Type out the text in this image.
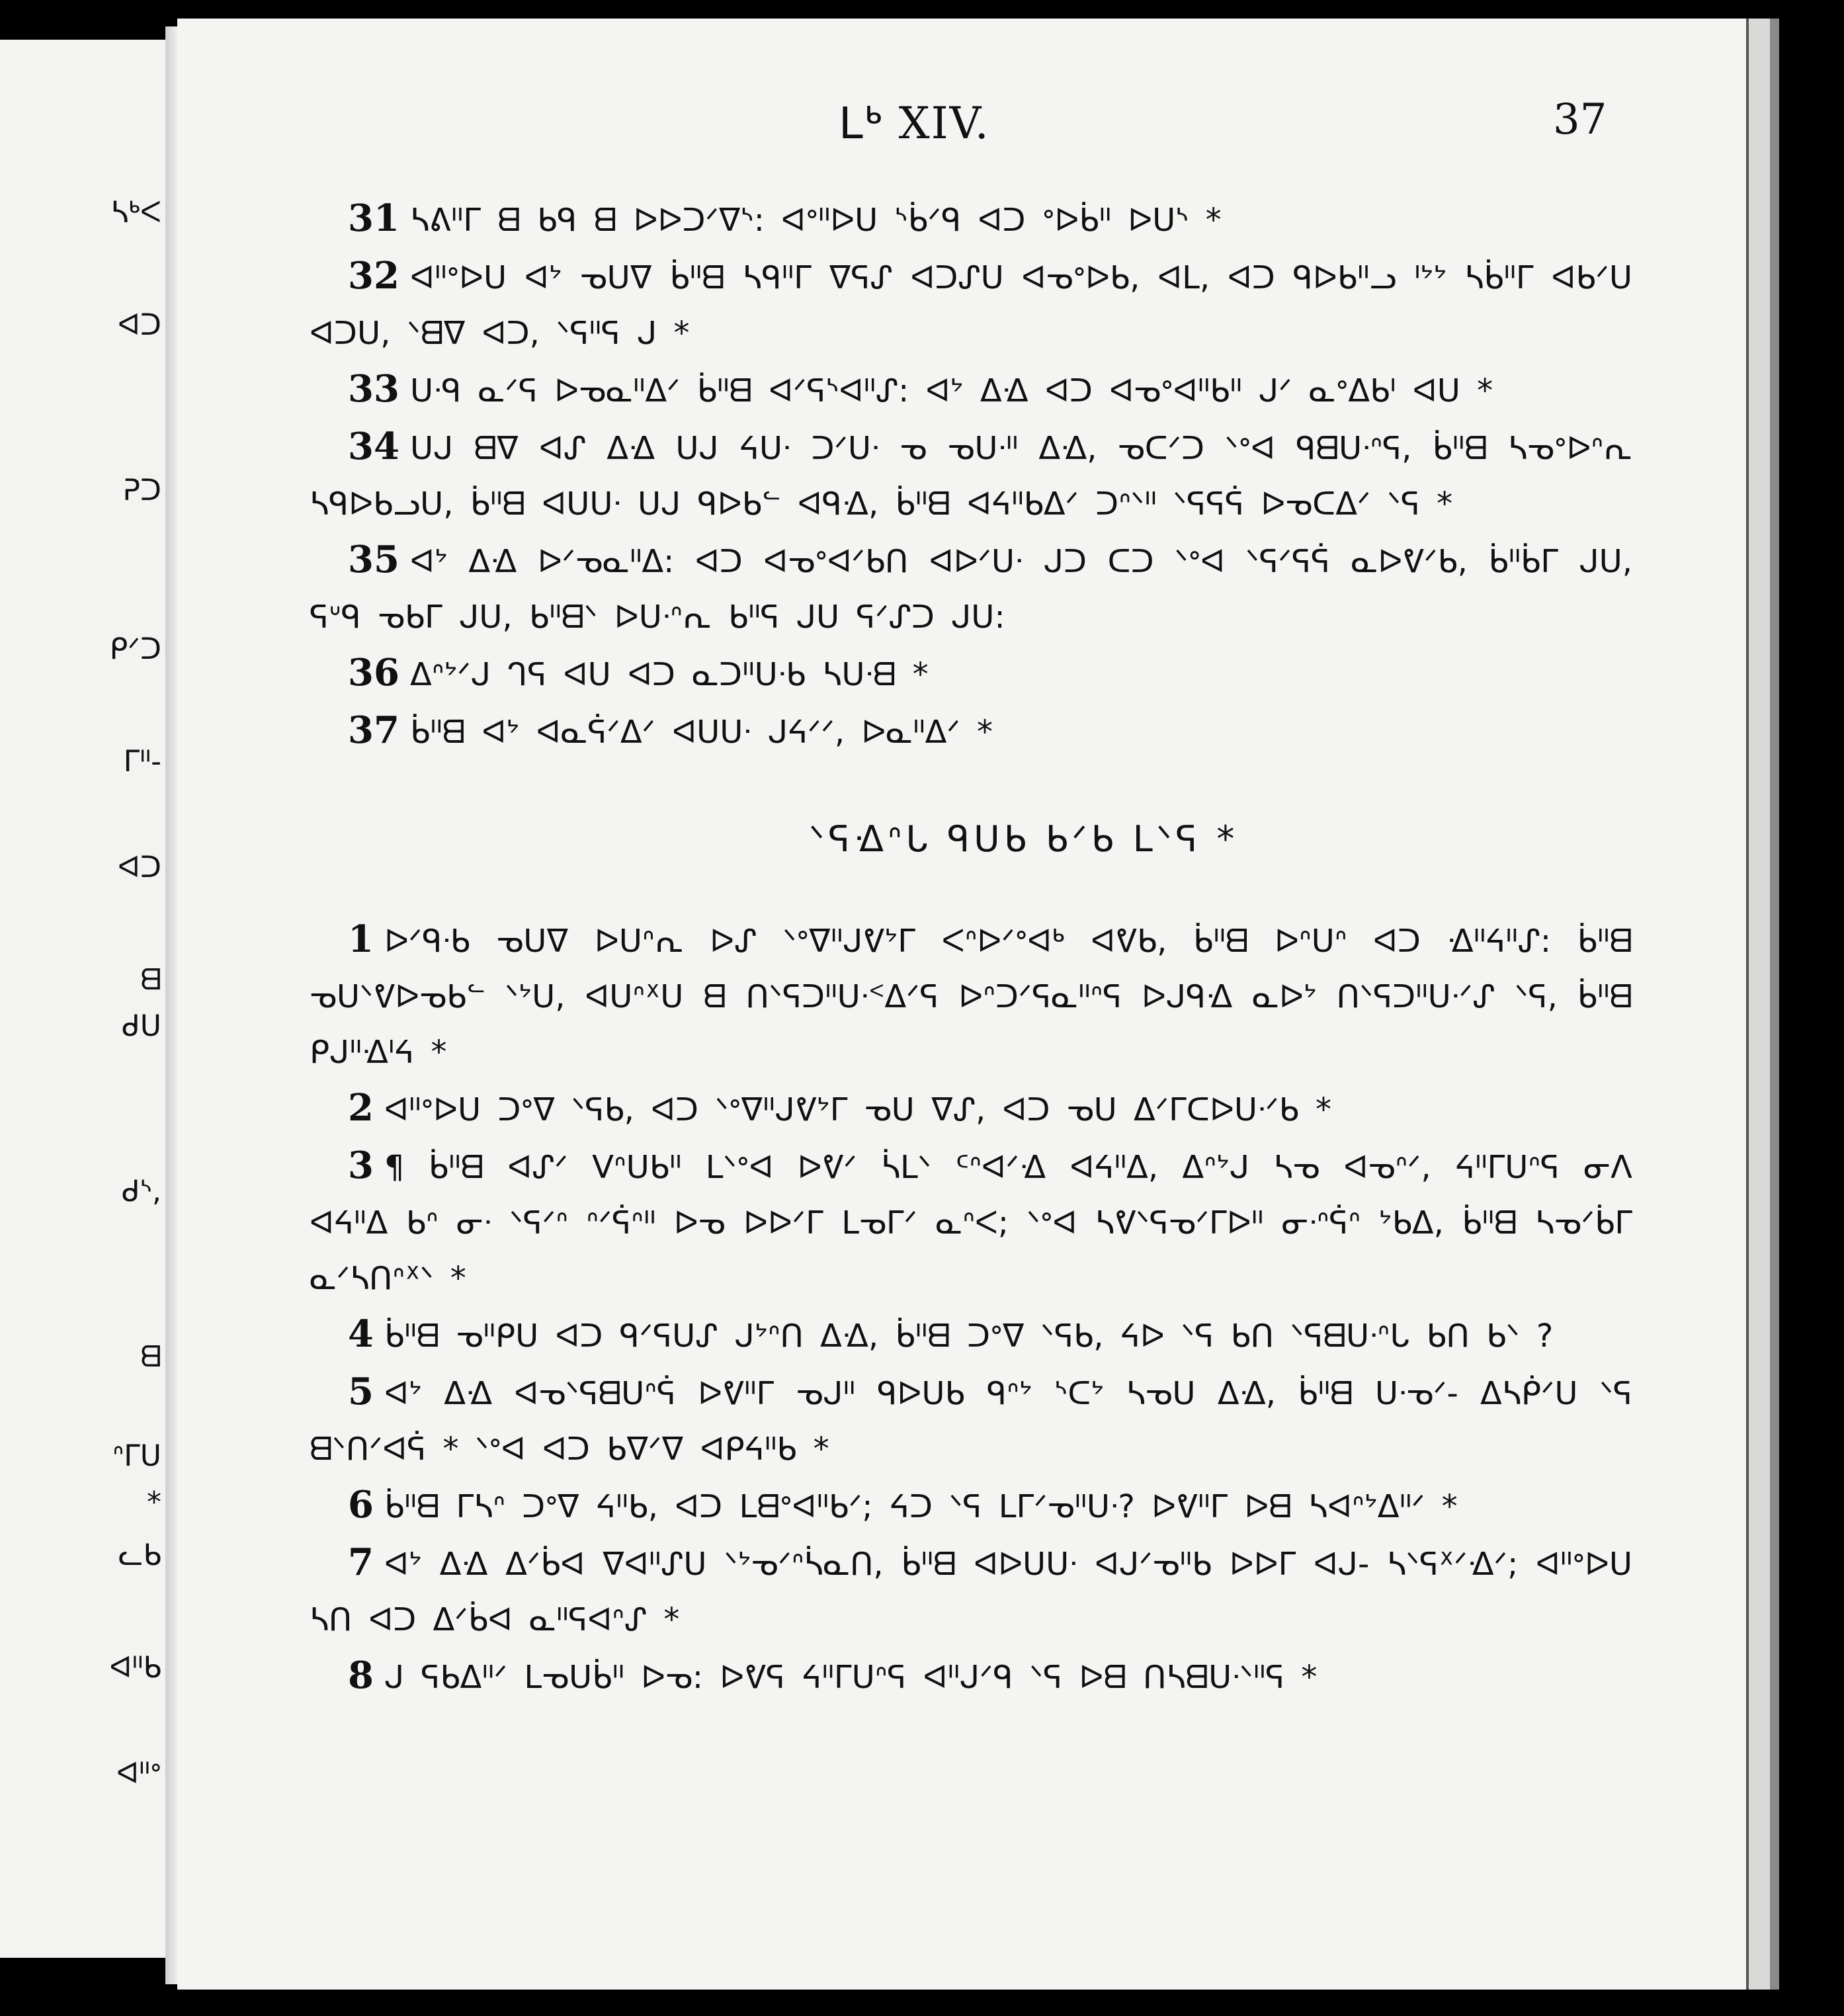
ᓴᒃᐸ
ᐊᑐ
ᕈᑐ
ᑭᐟᑐ
ᒥᐦ-
ᐊᑐ
ᗺ
ᑯᑌ
ᑯᔅ,
ᗺ
ᐢᒥᑌ
*
ᓚᑲ
ᐊᐦᑲ
ᐊᐦᐤ
ᒪᒃ XIV.	37

31 ᓴᕕᐦᒥ ᗺ ᑲᑫ ᗺ ᐅᐅᑐᐟᐁᔅ: ᐊᐤᐦᐅᑌ ᔅᑳᐟᑫ ᐊᑐ ᐤᐅᑳᐦ ᐅᑌᔅ *

32 ᐊᐦᐤᐅᑌ ᐊᔾ ᓀᑌᐁ ᑳᐦᗺ ᓴᑫᐦᒥ ᐁᕋᔑ ᐊᑐᔑᑌ ᐊᓀᐤᐅᑲ, ᐊᒪ, ᐊᑐ ᑫᐅᑲᐦᓗ ᑊᔾᔾ ᓴᑳᐦᒥ ᐊᑲᐟᑌ ᐊᑐᑌ, ᐠᗺᐁ ᐊᑐ, ᐠᕋᐦᕋ ᒍ *

33 ᑌᐧᑫ ᓇᐟᕋ ᐅᓀᓇᐦᐃᐟ ᑳᐦᗺ ᐊᐟᕋᔅᐊᐦᔑ: ᐊᔾ ᐃᐎ ᐊᑐ ᐊᓀᐤᐊᐦᑲᐦ ᒍᐟ ᓇᐤᐃᑲᑊ ᐊᑌ *

34 ᑌᒍ ᗺᐁ ᐊᔑ ᐃᐎ ᑌᒍ ᔦᑌᐧ ᑐᐟᑌᐧ ᓀ ᓀᑌᐧᐦ ᐃᐎ, ᓀᑕᐟᑐ ᐠᐤᐊ ᑫᗺᑌᐧᐢᕋ, ᑳᐦᗺ ᓴᓀᐤᐅᐢᕆ ᓴᑫᐅᑲᓗᑌ, ᑳᐦᗺ ᐊᑌᑌᐧ ᑌᒍ ᑫᐅᑲᓪ ᐊᑫᐎ, ᑳᐦᗺ ᐊᔦᐦᑲᐃᐟ ᑐᐢᐠᐦ ᐠᕋᕋᕌ ᐅᓀᑕᐃᐟ ᐠᕋ *

35 ᐊᔾ ᐃᐎ ᐅᐟᓀᓇᐦᐃ: ᐊᑐ ᐊᓀᐤᐊᐟᑲᑎ ᐊᐅᐟᑌᐧ ᒍᑐ ᑕᑐ ᐠᐤᐊ ᐠᕋᐟᕋᕌ ᓇᐅᕓᐟᑲ, ᑳᐦᑳᒥ ᒍᑌ, ᕋᐡᑫ ᓀᑲᒥ ᒍᑌ, ᑲᐦᗺᐠ ᐅᑌᐧᐢᕆ ᑲᐦᕋ ᒍᑌ ᕋᐟᔑᑐ ᒍᑌ:

36 ᐃᐢᔾᐟᒍ ᒉᕋ ᐊᑌ ᐊᑐ ᓇᑐᐦᑌᐧᑲ ᓴᑌᐧᗺ *

37 ᑳᐦᗺ ᐊᔾ ᐊᓇᕌᐟᐃᐟ ᐊᑌᑌᐧ ᒍᔦᐟᐟ, ᐅᓇᐦᐃᐟ *

ᐠᕋᐎᐢᒐ ᑫᑌᑲ ᑲᐟᑲ ᒪᐠᕋ *

1 ᐅᐟᑫᐧᑲ ᓀᑌᐁ ᐅᑌᐢᕆ ᐅᔑ ᐠᐤᐁᐦᒍᕓᔾᒥ ᐸᐢᐅᐟᐤᐊᒃ ᐊᕓᑲ, ᑳᐦᗺ ᐅᐢᑌᐢ ᐊᑐ ᐎᐦᔦᐦᔑ: ᑳᐦᗺ ᓀᑌᐠᕓᐅᓀᑲᓪ ᐠᔾᑌ, ᐊᑌᐢᕁᑌ ᗺ ᑎᐠᕋᑐᐦᑌᐧᑉᐃᐟᕋ ᐅᐢᑐᐟᕋᓇᐦᐢᕋ ᐅᒍᑫᐎ ᓇᐅᔾ ᑎᐠᕋᑐᐦᑌᐧᐟᔑ ᐠᕋ, ᑳᐦᗺ ᑭᒍᐦᐎᑊᔦ *

2 ᐊᐦᐤᐅᑌ ᑐᐤᐁ ᐠᕋᑲ, ᐊᑐ ᐠᐤᐁᐦᒍᕓᔾᒥ ᓀᑌ ᐁᔑ, ᐊᑐ ᓀᑌ ᐃᐟᒥᑕᐅᑌᐧᐟᑲ *

3 ¶ ᑳᐦᗺ ᐊᔑᐟ ᐯᐢᑌᑲᐦ ᒪᐠᐤᐊ ᐅᕓᐟ ᓵᒪᐠ ᑦᐢᐊᐟᐎ ᐊᔦᐦᐃ, ᐃᐢᔾᒍ ᓴᓀ ᐊᓀᐢᐟ, ᔦᐦᒥᑌᐢᕋ ᓂᐱ ᐊᔦᐦᐃ ᑲᐢ ᓂᐧ ᐠᕋᐟᐢ ᐢᐟᕌᐢᐦ ᐅᓀ ᐅᐅᐟᒥ ᒪᓀᒥᐟ ᓇᐢᐸ; ᐠᐤᐊ ᓴᕓᐠᕋᓀᐟᒥᐅᐦ ᓂᐧᐢᕌᐢ ᔾᑲᐃ, ᑳᐦᗺ ᓴᓀᐟᑳᒥ ᓇᐟᓴᑎᐢᕁᐠ *

4 ᑳᐦᗺ ᓀᐦᑭᑌ ᐊᑐ ᑫᐟᕋᑌᔑ ᒍᔾᐢᑎ ᐃᐎ, ᑳᐦᗺ ᑐᐤᐁ ᐠᕋᑲ, ᔦᐅ ᐠᕋ ᑲᑎ ᐠᕋᗺᑌᐧᐢᒐ ᑲᑎ ᑲᐠ ?

5 ᐊᔾ ᐃᐎ ᐊᓀᐠᕋᗺᑌᐢᕌ ᐅᕓᐦᒥ ᓀᒍᐦ ᑫᐅᑌᑲ ᑫᐢᔾ ᔅᑕᔾ ᓴᓀᑌ ᐃᐎ, ᑳᐦᗺ ᑌᐧᓀᐟ- ᐃᓴᑮᐟᑌ ᐠᕋ ᗺᐠᑎᐟᐊᕌ * ᐠᐤᐊ ᐊᑐ ᑲᐁᐟᐁ ᐊᑭᔦᐦᑲ *

6 ᑳᐦᗺ ᒥᓴᐢ ᑐᐤᐁ ᔦᐦᑲ, ᐊᑐ ᒪᗺᐤᐊᐦᑲᐟ; ᔦᑐ ᐠᕋ ᒪᒥᐟᓀᐦᑌᐧ? ᐅᕓᐦᒥ ᐅᗺ ᓴᐊᐢᔾᐃᐦᐟ *

7 ᐊᔾ ᐃᐎ ᐃᐟᑳᐊ ᐁᐊᐦᔑᑌ ᐠᔾᓀᐟᐢᓵᓇᑎ, ᑳᐦᗺ ᐊᐅᑌᑌᐧ ᐊᒍᐟᓀᐦᑲ ᐅᐅᒥ ᐊᒍ- ᓴᐠᕋᕁᐟᐎᐟ; ᐊᐦᐤᐅᑌ ᓴᑎ ᐊᑐ ᐃᐟᑳᐊ ᓇᐦᕋᐊᐢᔑ *

8 ᒍ ᕋᑲᐃᐦᐟ ᒪᓀᑌᑳᐦ ᐅᓀ: ᐅᕓᕋ ᔦᐦᒥᑌᐢᕋ ᐊᐦᒍᐟᑫ ᐠᕋ ᐅᗺ ᑎᓴᗺᑌᐧᐠᐦᕋ *
